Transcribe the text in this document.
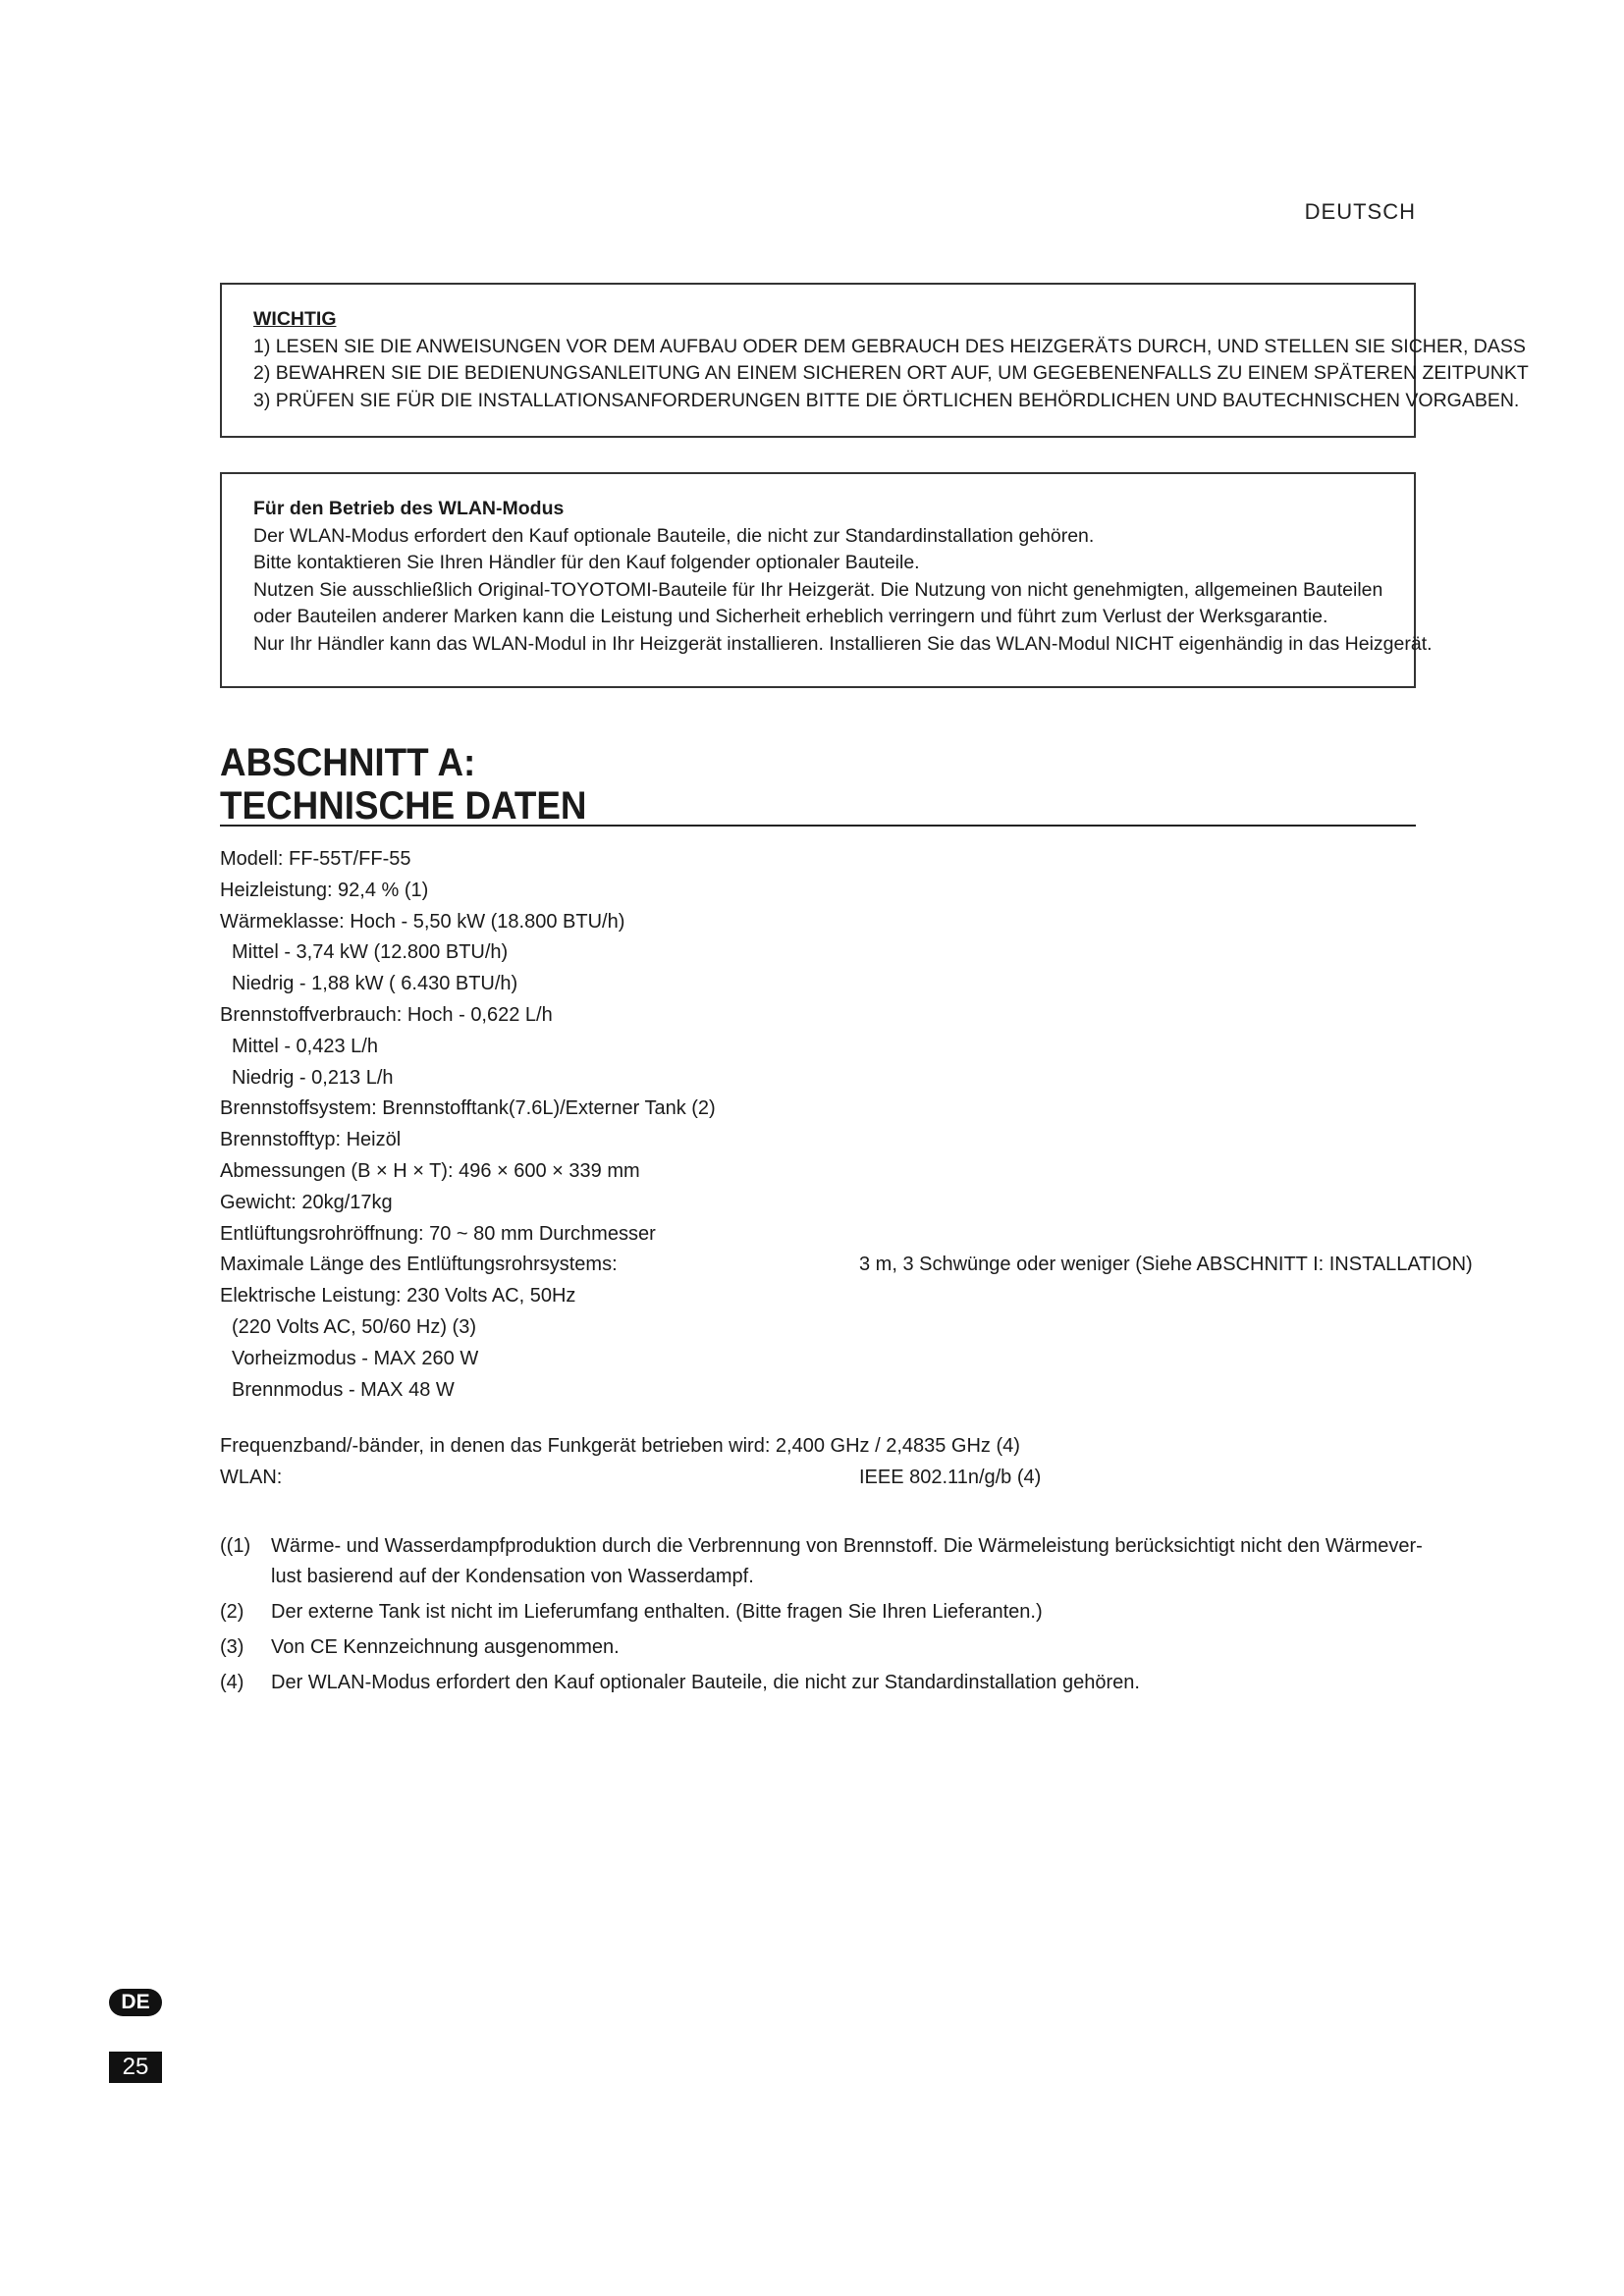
DEUTSCH
WICHTIG
1) LESEN SIE DIE ANWEISUNGEN VOR DEM AUFBAU ODER DEM GEBRAUCH DES HEIZGERÄTS DURCH, UND STELLEN SIE SICHER, DASS
2) BEWAHREN SIE DIE BEDIENUNGSANLEITUNG AN EINEM SICHEREN ORT AUF, UM GEGEBENENFALLS ZU EINEM SPÄTEREN ZEITPUNKT
3) PRÜFEN SIE FÜR DIE INSTALLATIONSANFORDERUNGEN BITTE DIE ÖRTLICHEN BEHÖRDLICHEN UND BAUTECHNISCHEN VORGABEN.
Für den Betrieb des WLAN-Modus
Der WLAN-Modus erfordert den Kauf optionale Bauteile, die nicht zur Standardinstallation gehören.
Bitte kontaktieren Sie Ihren Händler für den Kauf folgender optionaler Bauteile.
Nutzen Sie ausschließlich Original-TOYOTOMI-Bauteile für Ihr Heizgerät. Die Nutzung von nicht genehmigten, allgemeinen Bauteilen
oder Bauteilen anderer Marken kann die Leistung und Sicherheit erheblich verringern und führt zum Verlust der Werksgarantie.
Nur Ihr Händler kann das WLAN-Modul in Ihr Heizgerät installieren. Installieren Sie das WLAN-Modul NICHT eigenhändig in das Heizgerät.
ABSCHNITT A:
TECHNISCHE DATEN
Modell: FF-55T/FF-55
Heizleistung: 92,4 % (1)
Wärmeklasse: Hoch - 5,50 kW (18.800 BTU/h)
Mittel - 3,74 kW (12.800 BTU/h)
Niedrig - 1,88 kW ( 6.430 BTU/h)
Brennstoffverbrauch: Hoch - 0,622 L/h
Mittel - 0,423 L/h
Niedrig - 0,213 L/h
Brennstoffsystem: Brennstofftank(7.6L)/Externer Tank (2)
Brennstofftyp: Heizöl
Abmessungen (B × H × T): 496 × 600 × 339 mm
Gewicht: 20kg/17kg
Entlüftungsrohröffnung: 70 ~ 80 mm Durchmesser
Maximale Länge des Entlüftungsrohrsystems:	3 m, 3 Schwünge oder weniger (Siehe ABSCHNITT I: INSTALLATION)
Elektrische Leistung: 230 Volts AC, 50Hz
(220 Volts AC, 50/60 Hz) (3)
Vorheizmodus - MAX 260 W
Brennmodus - MAX 48 W
Frequenzband/-bänder, in denen das Funkgerät betrieben wird: 2,400 GHz / 2,4835 GHz (4)
WLAN:	IEEE 802.11n/g/b (4)
((1) Wärme- und Wasserdampfproduktion durch die Verbrennung von Brennstoff. Die Wärmeleistung berücksichtigt nicht den Wärmever-lust basierend auf der Kondensation von Wasserdampf.
(2) Der externe Tank ist nicht im Lieferumfang enthalten. (Bitte fragen Sie Ihren Lieferanten.)
(3) Von CE Kennzeichnung ausgenommen.
(4) Der WLAN-Modus erfordert den Kauf optionaler Bauteile, die nicht zur Standardinstallation gehören.
DE
25
